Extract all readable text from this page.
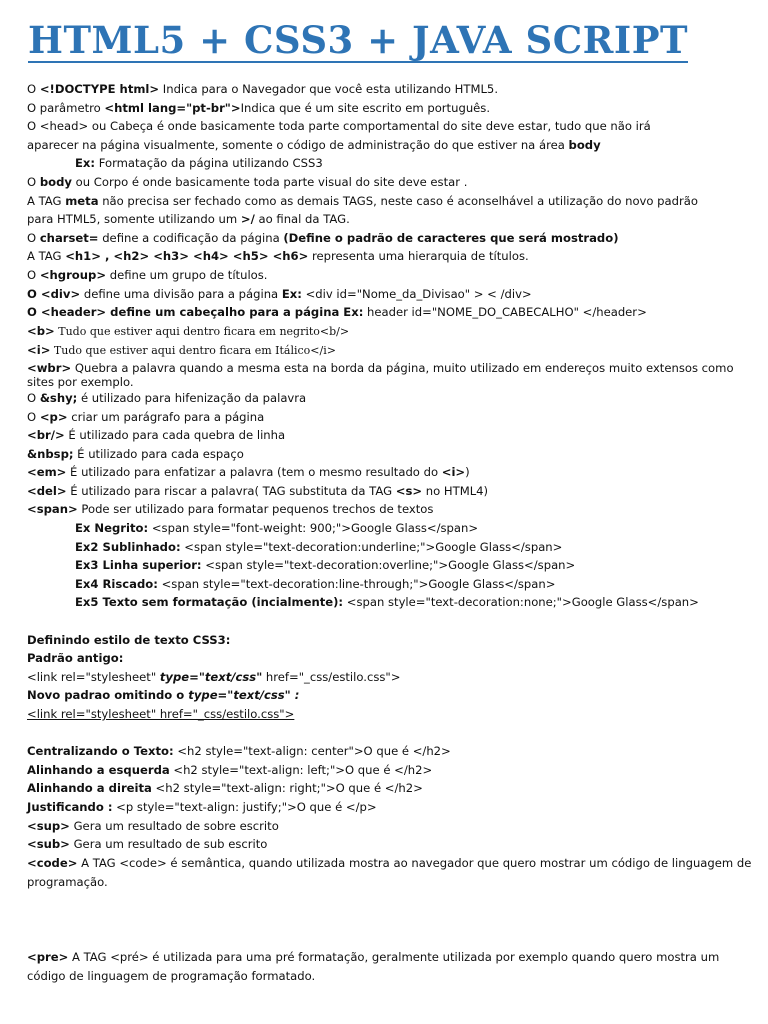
HTML5 + CSS3 + JAVA SCRIPT
O <!DOCTYPE html> Indica para o Navegador que você esta utilizando HTML5.
O parâmetro <html lang="pt-br">Indica que é um site escrito em português.
O <head> ou Cabeça é onde basicamente toda parte comportamental do site deve estar, tudo que não irá
aparecer na página visualmente, somente o código de administração do que estiver na área body
Ex: Formatação da página utilizando CSS3
O body ou Corpo é onde basicamente toda parte visual do site deve estar .
A TAG meta não precisa ser fechado como as demais TAGS, neste caso é aconselhável a utilização do novo padrão
para HTML5, somente utilizando um >/ ao final da TAG.
O charset= define a codificação da página (Define o padrão de caracteres que será mostrado)
A TAG <h1> , <h2> <h3> <h4> <h5> <h6> representa uma hierarquia de títulos.
O <hgroup> define um grupo de títulos.
O <div> define uma divisão para a página Ex: <div id="Nome_da_Divisao" > < /div>
O <header> define um cabeçalho para a página Ex: header id="NOME_DO_CABECALHO" </header>
<b> Tudo que estiver aqui dentro ficara em negrito<b/>
<i> Tudo que estiver aqui dentro ficara em Itálico</i>
<wbr> Quebra a palavra quando a mesma esta na borda da página, muito utilizado em endereços muito extensos como sites por exemplo.
O &shy; é utilizado para hifenização da palavra
O <p> criar um parágrafo para a página
<br/> É utilizado para cada quebra de linha
&nbsp; É utilizado para cada espaço
<em> É utilizado para enfatizar a palavra (tem o mesmo resultado do <i>)
<del> É utilizado para riscar a palavra( TAG substituta da TAG <s> no HTML4)
<span> Pode ser utilizado para formatar pequenos trechos de textos
Ex Negrito: <span style="font-weight: 900;">Google Glass</span>
Ex2 Sublinhado: <span style="text-decoration:underline;">Google Glass</span>
Ex3 Linha superior: <span style="text-decoration:overline;">Google Glass</span>
Ex4 Riscado: <span style="text-decoration:line-through;">Google Glass</span>
Ex5 Texto sem formatação (incialmente): <span style="text-decoration:none;">Google Glass</span>
Definindo estilo de texto CSS3:
Padrão antigo:
<link rel="stylesheet" type="text/css" href="_css/estilo.css">
Novo padrao omitindo o type="text/css" :
<link rel="stylesheet" href="_css/estilo.css">
Centralizando o Texto: <h2 style="text-align: center">O que é </h2>
Alinhando a esquerda <h2 style="text-align: left;">O que é </h2>
Alinhando a direita <h2 style="text-align: right;">O que é </h2>
Justificando : <p style="text-align: justify;">O que é </p>
<sup> Gera um resultado de sobre escrito
<sub> Gera um resultado de sub escrito
<code> A TAG <code> é semântica, quando utilizada mostra ao navegador que quero mostrar um código de linguagem de programação.
<pre> A TAG <pré> é utilizada para uma pré formatação, geralmente utilizada por exemplo quando quero mostra um código de linguagem de programação formatado.
